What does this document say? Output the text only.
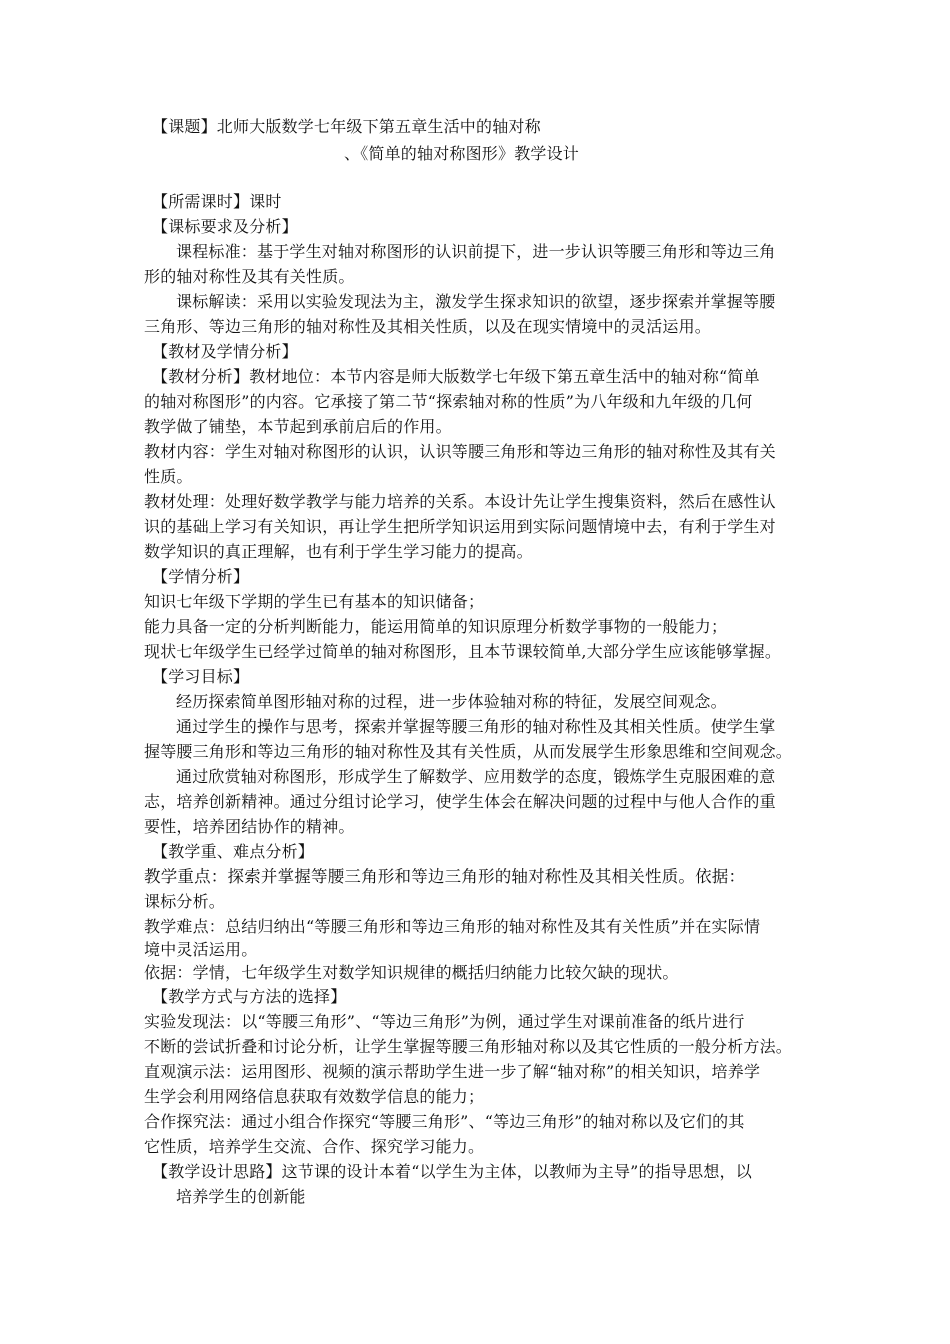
【课题】北师大版数学七年级下第五章生活中的轴对称
、《简单的轴对称图形》教学设计
【所需课时】课时
【课标要求及分析】
课程标准：基于学生对轴对称图形的认识前提下，进一步认识等腰三角形和等边三角
形的轴对称性及其有关性质。
课标解读：采用以实验发现法为主，激发学生探求知识的欲望，逐步探索并掌握等腰
三角形、等边三角形的轴对称性及其相关性质，以及在现实情境中的灵活运用。
【教材及学情分析】
【教材分析】教材地位：本节内容是师大版数学七年级下第五章生活中的轴对称“简单
的轴对称图形”的内容。它承接了第二节“探索轴对称的性质”为八年级和九年级的几何
教学做了铺垫，本节起到承前启后的作用。
教材内容：学生对轴对称图形的认识，认识等腰三角形和等边三角形的轴对称性及其有关
性质。
教材处理：处理好数学教学与能力培养的关系。本设计先让学生搜集资料，然后在感性认
识的基础上学习有关知识，再让学生把所学知识运用到实际问题情境中去，有利于学生对
数学知识的真正理解，也有利于学生学习能力的提高。
【学情分析】
知识七年级下学期的学生已有基本的知识储备；
能力具备一定的分析判断能力，能运用简单的知识原理分析数学事物的一般能力；
现状七年级学生已经学过简单的轴对称图形，且本节课较简单,大部分学生应该能够掌握。
【学习目标】
经历探索简单图形轴对称的过程，进一步体验轴对称的特征，发展空间观念。
通过学生的操作与思考，探索并掌握等腰三角形的轴对称性及其相关性质。使学生掌
握等腰三角形和等边三角形的轴对称性及其有关性质，从而发展学生形象思维和空间观念。
通过欣赏轴对称图形，形成学生了解数学、应用数学的态度，锻炼学生克服困难的意
志，培养创新精神。通过分组讨论学习，使学生体会在解决问题的过程中与他人合作的重
要性，培养团结协作的精神。
【教学重、难点分析】
教学重点：探索并掌握等腰三角形和等边三角形的轴对称性及其相关性质。依据：
课标分析。
教学难点：总结归纳出“等腰三角形和等边三角形的轴对称性及其有关性质”并在实际情
境中灵活运用。
依据：学情，七年级学生对数学知识规律的概括归纳能力比较欠缺的现状。
【教学方式与方法的选择】
实验发现法：以“等腰三角形”、“等边三角形”为例，通过学生对课前准备的纸片进行
不断的尝试折叠和讨论分析，让学生掌握等腰三角形轴对称以及其它性质的一般分析方法。
直观演示法：运用图形、视频的演示帮助学生进一步了解“轴对称”的相关知识，培养学
生学会利用网络信息获取有效数学信息的能力；
合作探究法：通过小组合作探究“等腰三角形”、“等边三角形”的轴对称以及它们的其
它性质，培养学生交流、合作、探究学习能力。
【教学设计思路】这节课的设计本着“以学生为主体，以教师为主导”的指导思想，以
培养学生的创新能
